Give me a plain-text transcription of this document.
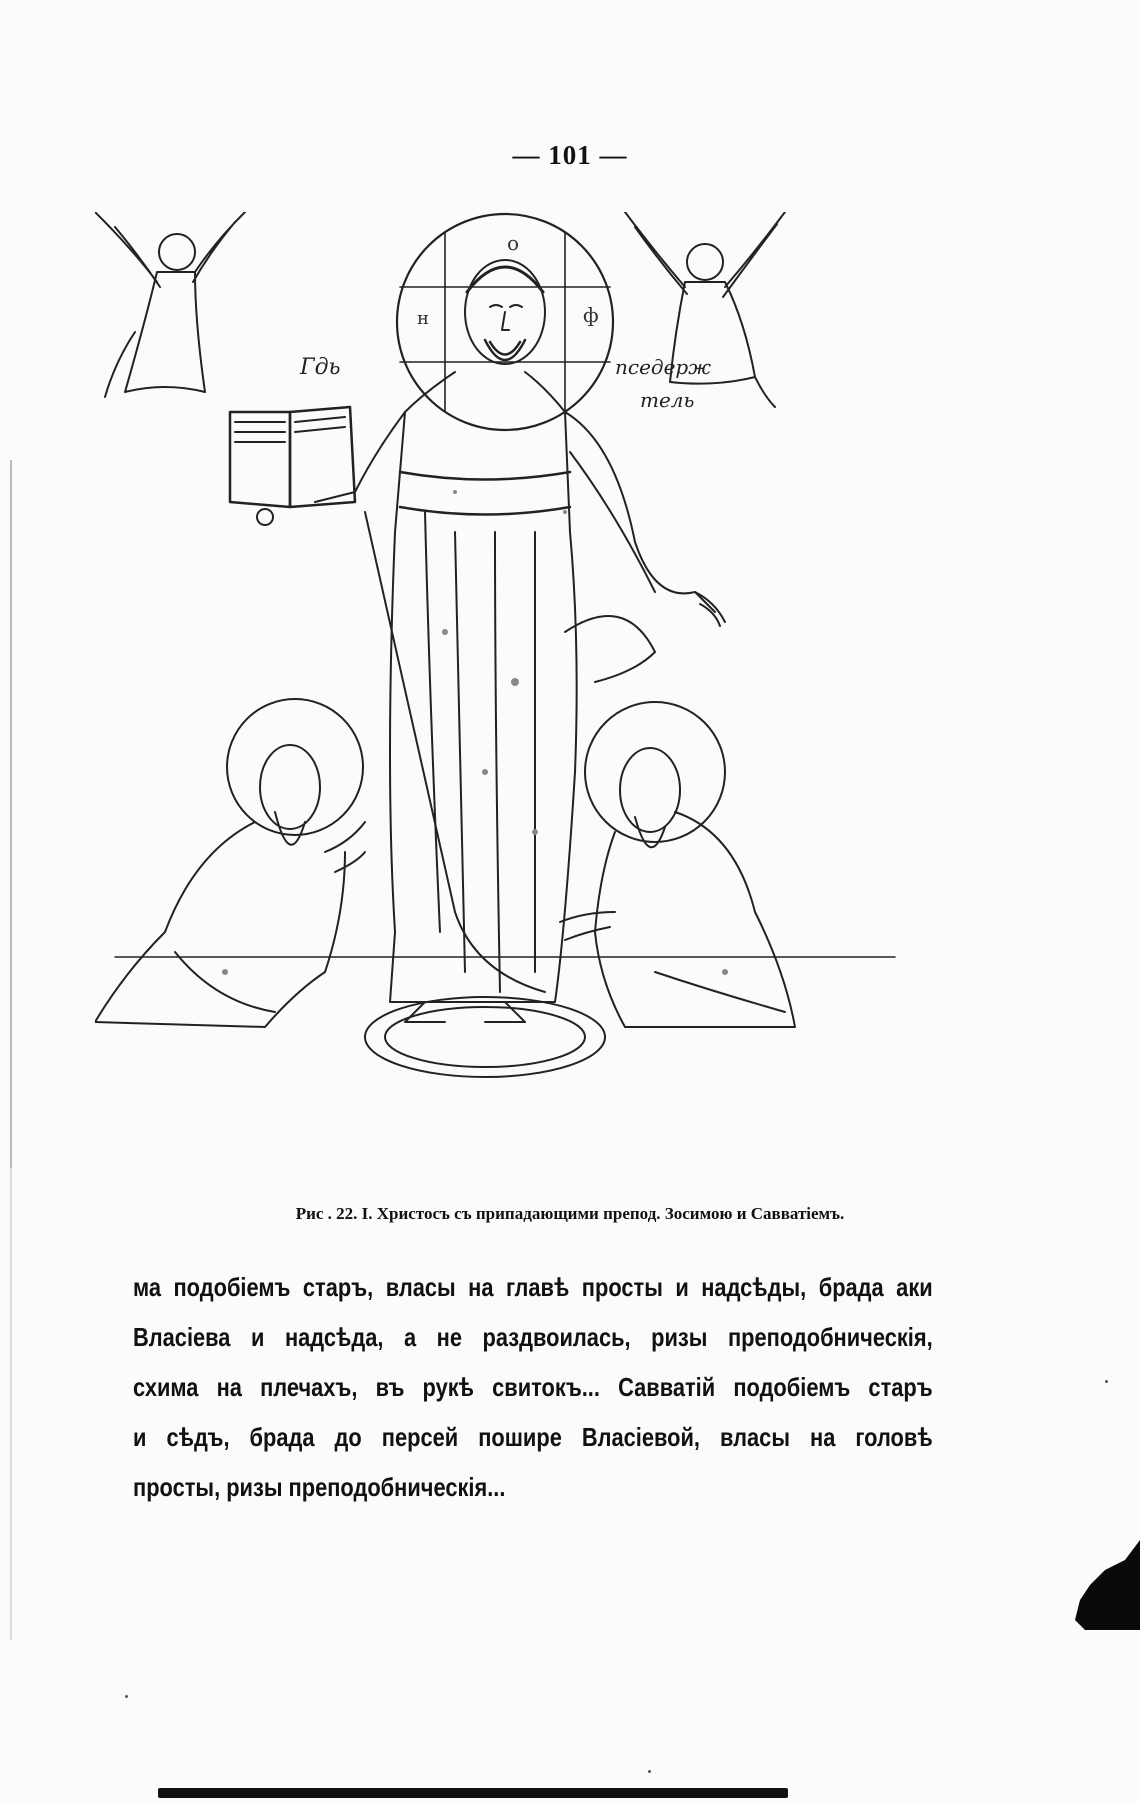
— 101 —
о
н	ф
Гдь	пседерж
тель
Рис . 22. I. Христосъ съ припадающими препод. Зосимою и Савватіемъ.
ма подобіемъ старъ, власы на главѣ просты и надсѣды, брада аки
Власіева и надсѣда, а не раздвоилась, ризы преподобническія,
схима на плечахъ, въ рукѣ свитокъ... Савватій подобіемъ старъ
и сѣдъ, брада до персей пошире Власіевой, власы на головѣ
просты, ризы преподобническія...
